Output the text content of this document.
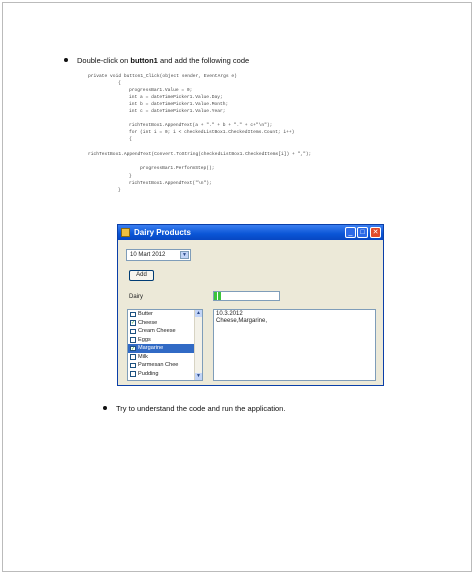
Double-click on button1 and add the following code
private void button1_Click(object sender, EventArgs e)
{
progressBar1.Value = 0;
int a = dateTimePicker1.Value.Day;
int b = dateTimePicker1.Value.Month;
int c = dateTimePicker1.Value.Year;
richTextBox1.AppendText(a + "." + b + "." + c+"\n");
for (int i = 0; i < checkedListBox1.CheckedItems.Count; i++)
{
richTextBox1.AppendText(Convert.ToString(checkedListBox1.CheckedItems[i]) + ",");
progressBar1.PerformStep();
}
richTextBox1.AppendText("\n");
}
Dairy Products	_	□	✕
10 Mart 2012	▼
Add
Dairy
Butter
✓ Cheese
Cream Cheese
Eggs
✓ Margarine
Milk
Parmesan Chee
Pudding
▲
▼
10.3.2012
Cheese,Margarine,
Try to understand the code and run the application.
